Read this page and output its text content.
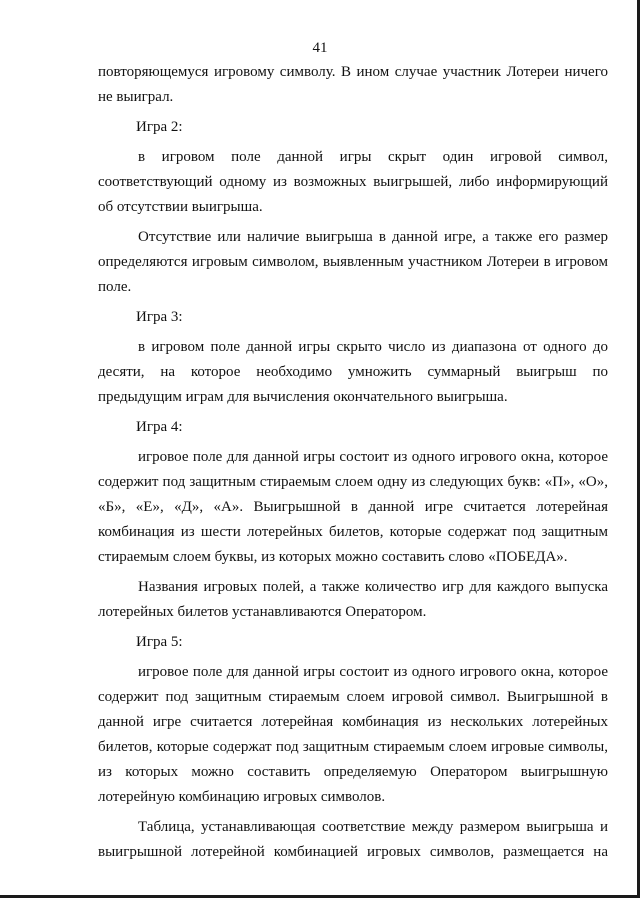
41

повторяющемуся игровому символу. В ином случае участник Лотереи ничего не выиграл.

Игра 2:

в игровом поле данной игры скрыт один игровой символ, соответствующий одному из возможных выигрышей, либо информирующий об отсутствии выигрыша.

Отсутствие или наличие выигрыша в данной игре, а также его размер определяются игровым символом, выявленным участником Лотереи в игровом поле.

Игра 3:

в игровом поле данной игры скрыто число из диапазона от одного до десяти, на которое необходимо умножить суммарный выигрыш по предыдущим играм для вычисления окончательного выигрыша.

Игра 4:

игровое поле для данной игры состоит из одного игрового окна, которое содержит под защитным стираемым слоем одну из следующих букв: «П», «О», «Б», «Е», «Д», «А». Выигрышной в данной игре считается лотерейная комбинация из шести лотерейных билетов, которые содержат под защитным стираемым слоем буквы, из которых можно составить слово «ПОБЕДА».

Названия игровых полей, а также количество игр для каждого выпуска лотерейных билетов устанавливаются Оператором.

Игра 5:

игровое поле для данной игры состоит из одного игрового окна, которое содержит под защитным стираемым слоем игровой символ. Выигрышной в данной игре считается лотерейная комбинация из нескольких лотерейных билетов, которые содержат под защитным стираемым слоем игровые символы, из которых можно составить определяемую Оператором выигрышную лотерейную комбинацию игровых символов.

Таблица, устанавливающая соответствие между размером выигрыша и выигрышной лотерейной комбинацией игровых символов, размещается на
